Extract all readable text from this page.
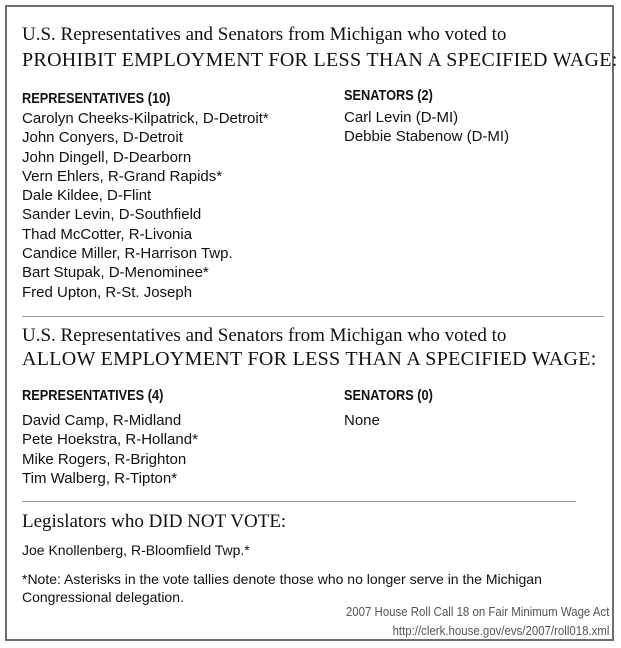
U.S. Representatives and Senators from Michigan who voted to
PROHIBIT EMPLOYMENT FOR LESS THAN A SPECIFIED WAGE:
REPRESENTATIVES (10)
Carolyn Cheeks-Kilpatrick, D-Detroit*
John Conyers, D-Detroit
John Dingell, D-Dearborn
Vern Ehlers, R-Grand Rapids*
Dale Kildee, D-Flint
Sander Levin, D-Southfield
Thad McCotter, R-Livonia
Candice Miller, R-Harrison Twp.
Bart Stupak, D-Menominee*
Fred Upton, R-St. Joseph
SENATORS (2)
Carl Levin (D-MI)
Debbie Stabenow (D-MI)
U.S. Representatives and Senators from Michigan who voted to
ALLOW EMPLOYMENT FOR LESS THAN A SPECIFIED WAGE:
REPRESENTATIVES (4)
David Camp, R-Midland
Pete Hoekstra, R-Holland*
Mike Rogers, R-Brighton
Tim Walberg, R-Tipton*
SENATORS (0)
None
Legislators who DID NOT VOTE:
Joe Knollenberg, R-Bloomfield Twp.*
*Note: Asterisks in the vote tallies denote those who no longer serve in the Michigan Congressional delegation.
2007 House Roll Call 18 on Fair Minimum Wage Act
http://clerk.house.gov/evs/2007/roll018.xml
